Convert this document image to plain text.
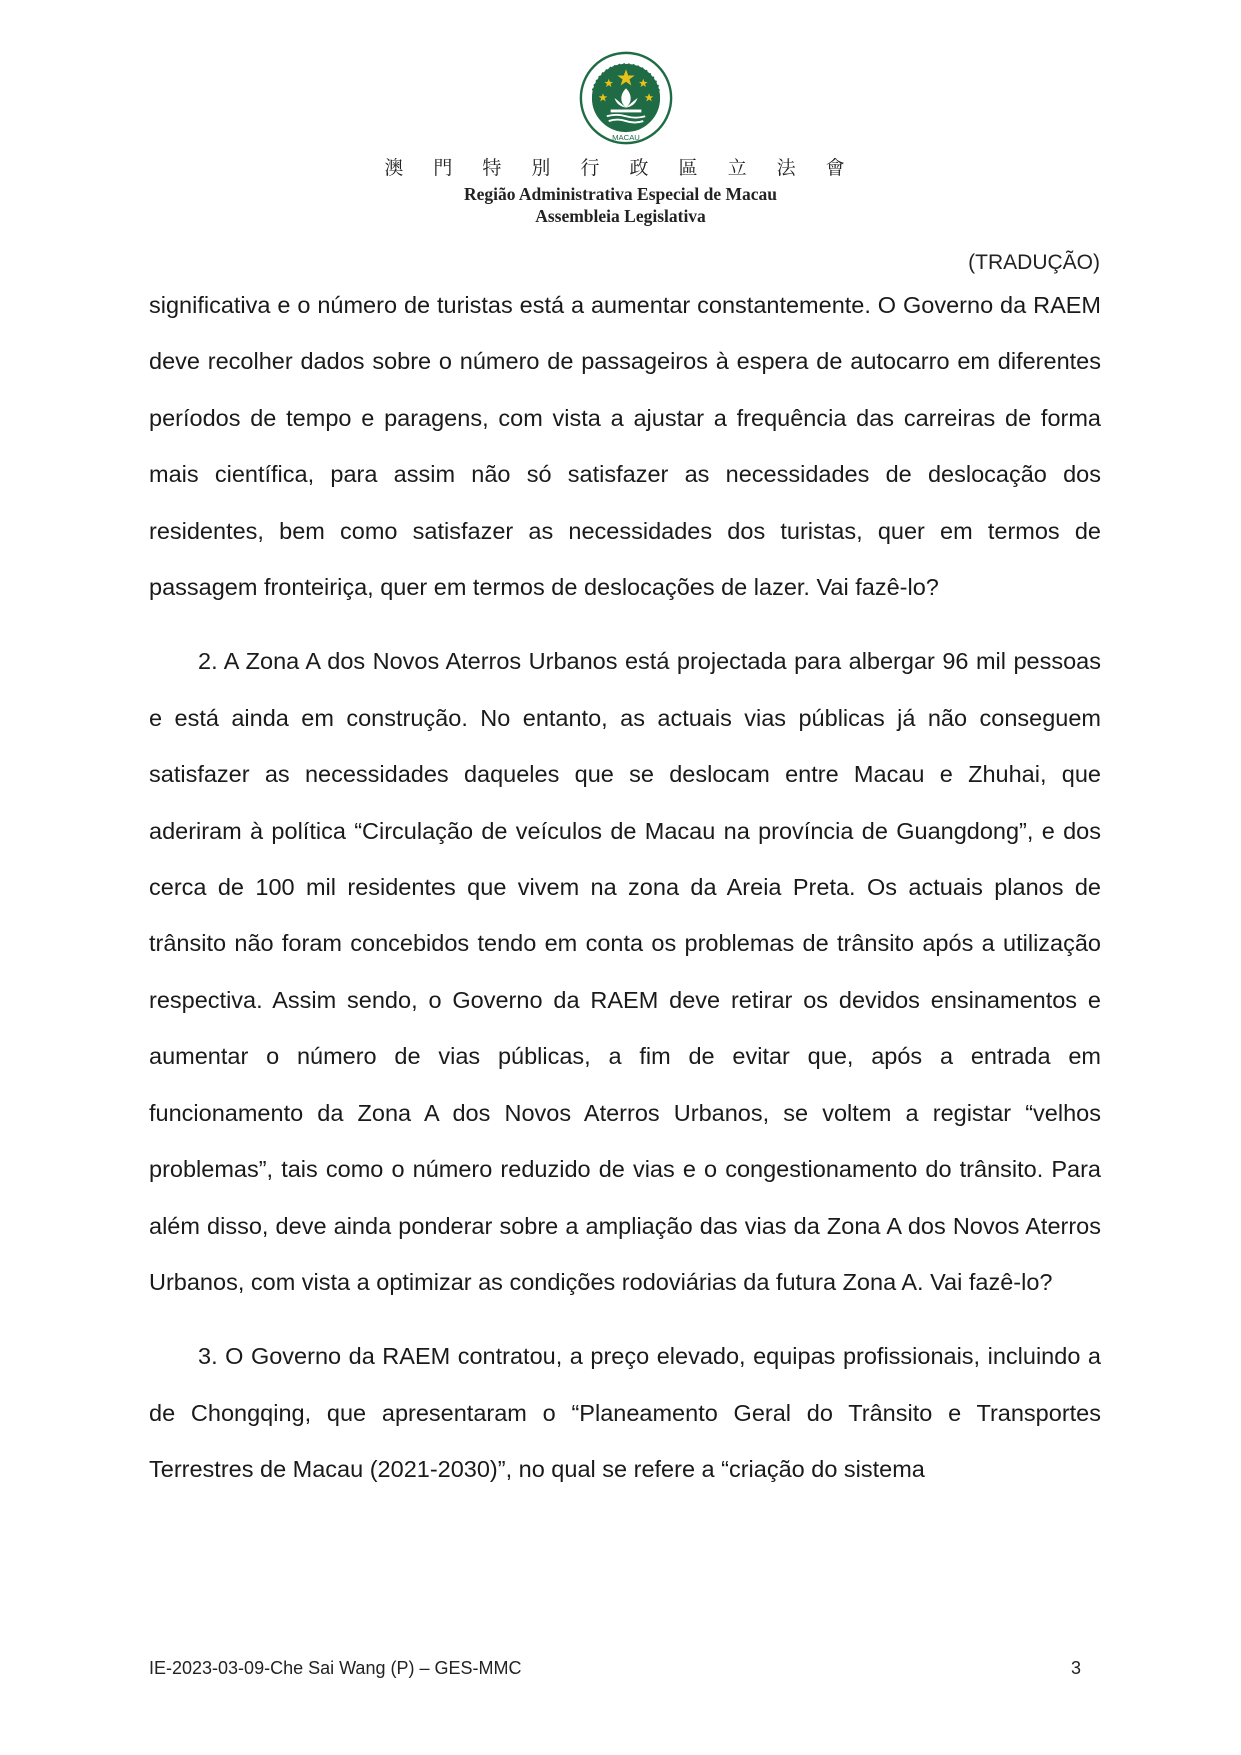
MACAU
澳 門 特 別 行 政 區 立 法 會
Região Administrativa Especial de Macau
Assembleia Legislativa
(TRADUÇÃO)

significativa e o número de turistas está a aumentar constantemente. O Governo da RAEM deve recolher dados sobre o número de passageiros à espera de autocarro em diferentes períodos de tempo e paragens, com vista a ajustar a frequência das carreiras de forma mais científica, para assim não só satisfazer as necessidades de deslocação dos residentes, bem como satisfazer as necessidades dos turistas, quer em termos de passagem fronteiriça, quer em termos de deslocações de lazer. Vai fazê-lo?

2. A Zona A dos Novos Aterros Urbanos está projectada para albergar 96 mil pessoas e está ainda em construção. No entanto, as actuais vias públicas já não conseguem satisfazer as necessidades daqueles que se deslocam entre Macau e Zhuhai, que aderiram à política “Circulação de veículos de Macau na província de Guangdong”, e dos cerca de 100 mil residentes que vivem na zona da Areia Preta. Os actuais planos de trânsito não foram concebidos tendo em conta os problemas de trânsito após a utilização respectiva. Assim sendo, o Governo da RAEM deve retirar os devidos ensinamentos e aumentar o número de vias públicas, a fim de evitar que, após a entrada em funcionamento da Zona A dos Novos Aterros Urbanos, se voltem a registar “velhos problemas”, tais como o número reduzido de vias e o congestionamento do trânsito. Para além disso, deve ainda ponderar sobre a ampliação das vias da Zona A dos Novos Aterros Urbanos, com vista a optimizar as condições rodoviárias da futura Zona A. Vai fazê-lo?

3. O Governo da RAEM contratou, a preço elevado, equipas profissionais, incluindo a de Chongqing, que apresentaram o “Planeamento Geral do Trânsito e Transportes Terrestres de Macau (2021-2030)”, no qual se refere a “criação do sistema

IE-2023-03-09-Che Sai Wang (P) – GES-MMC	3
